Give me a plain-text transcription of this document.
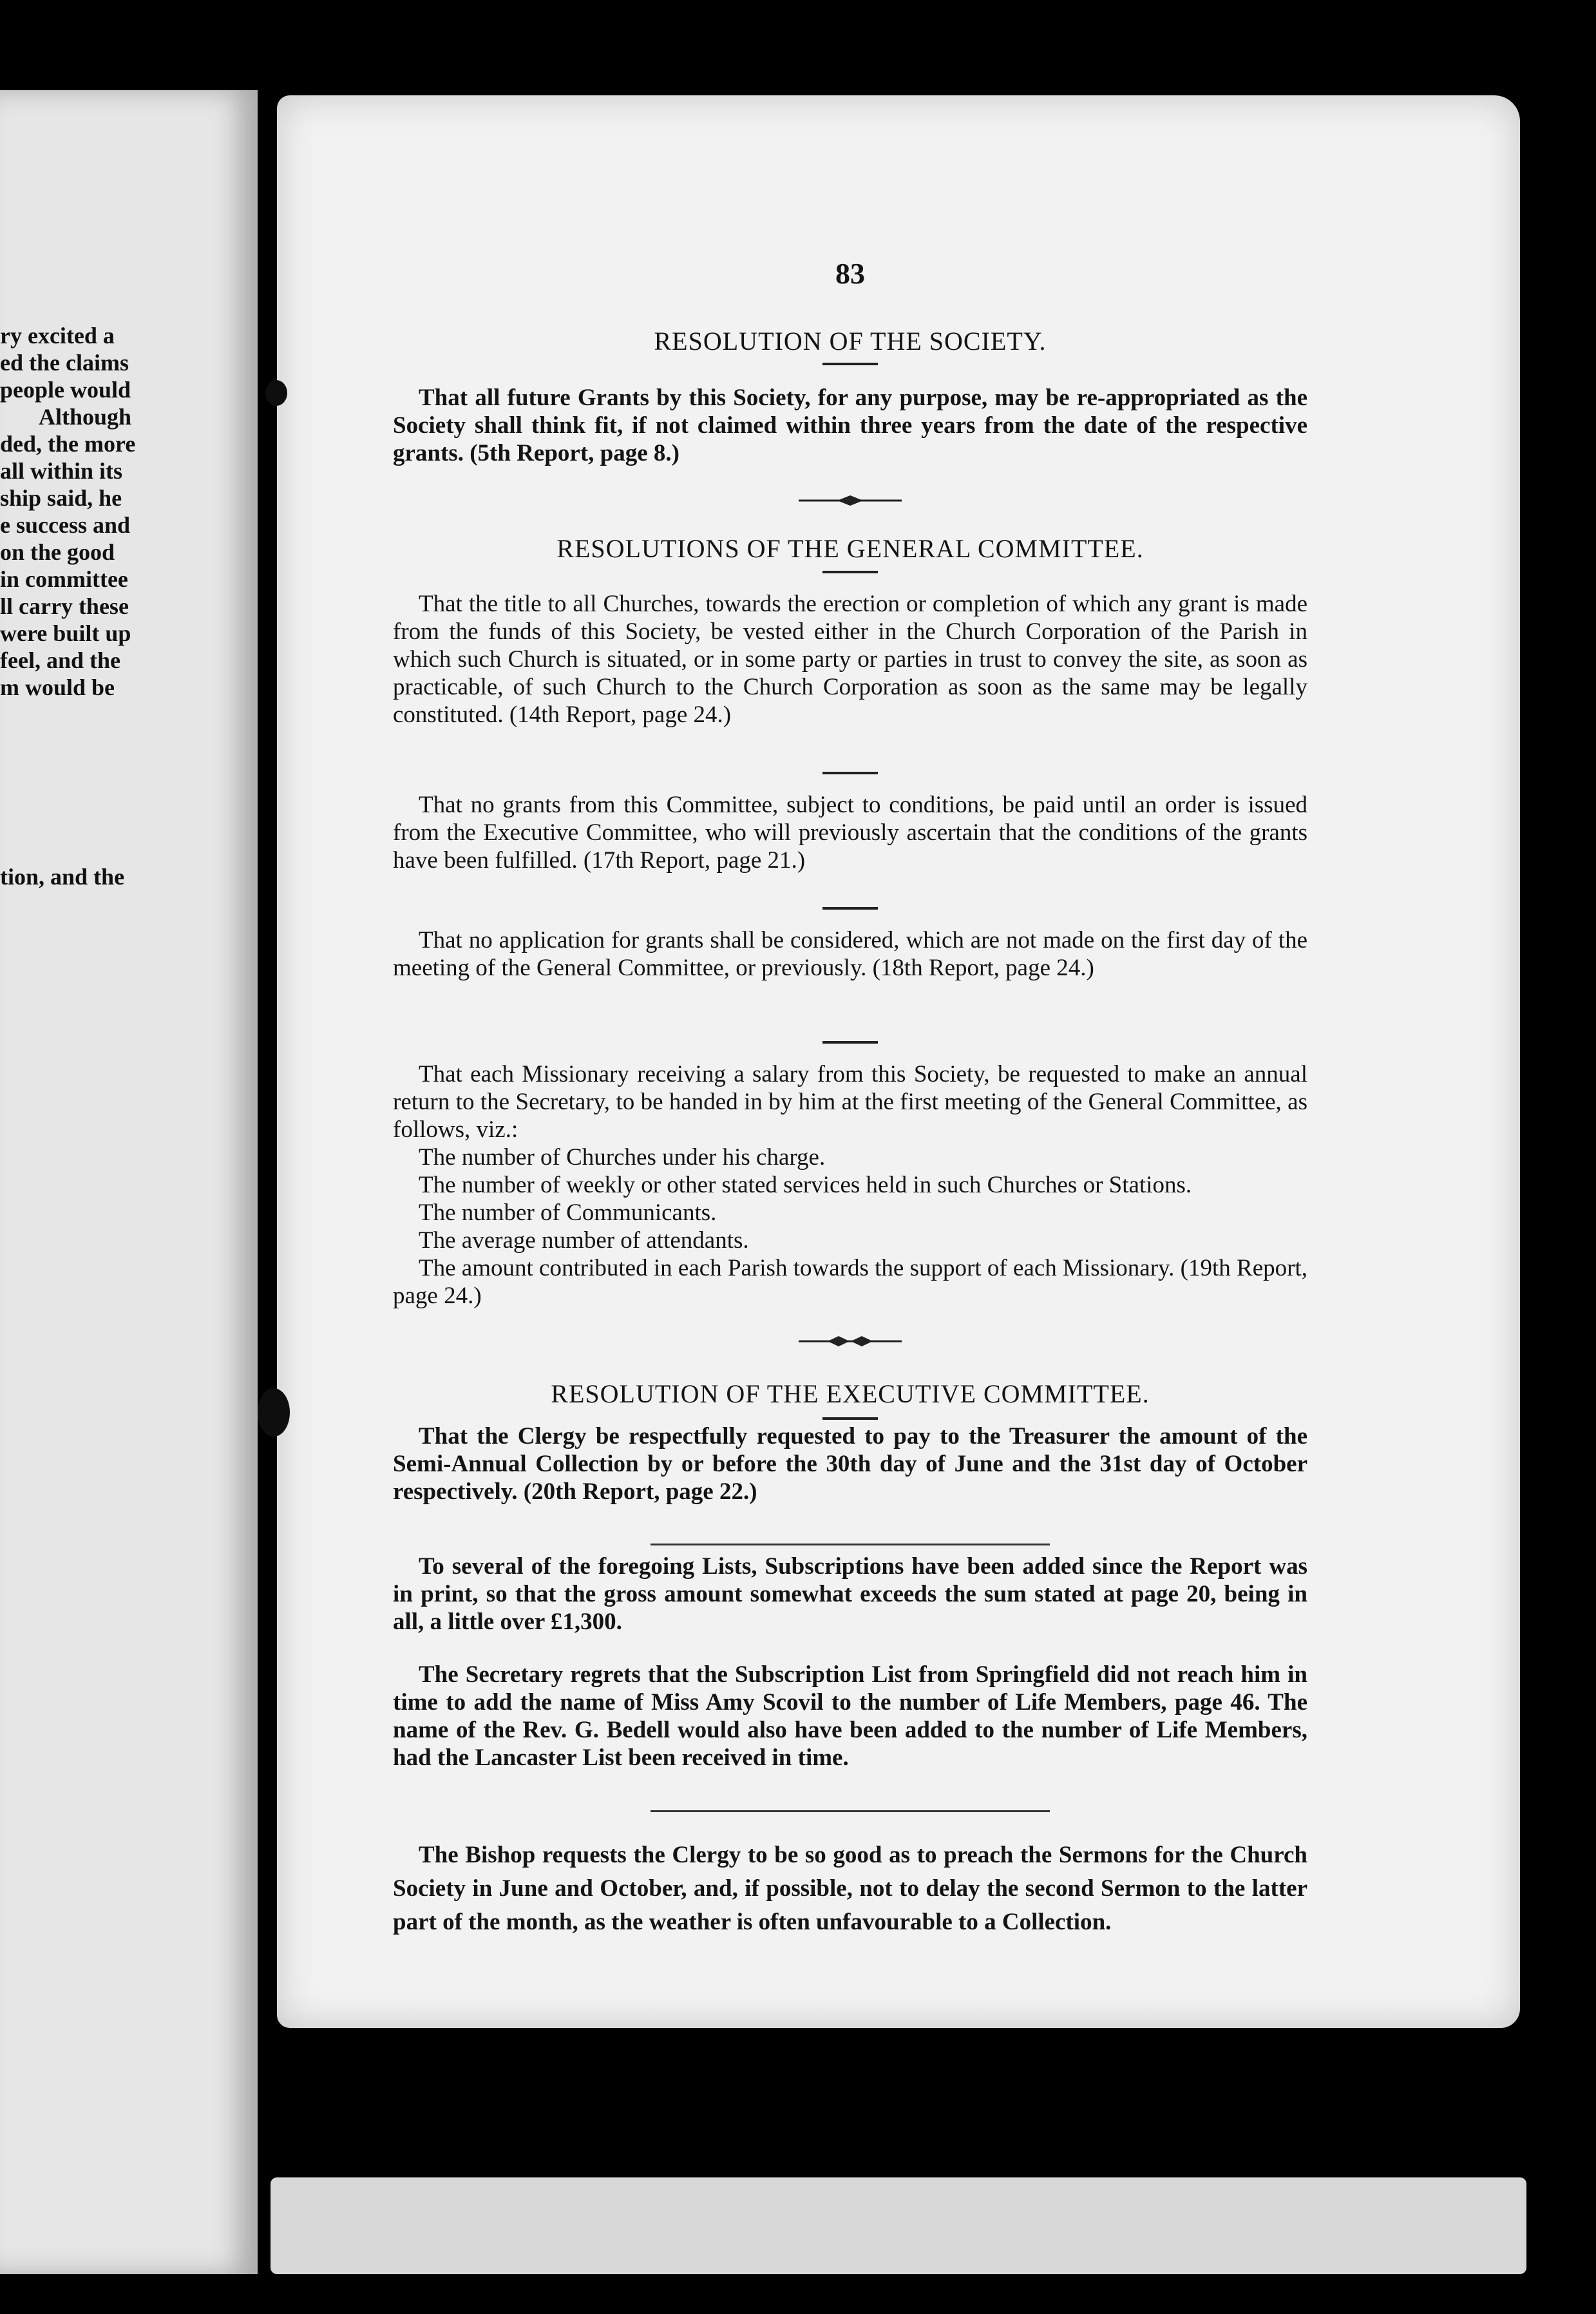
ry excited a
ed the claims
people would
Although
ded, the more
all within its
ship said, he
e success and
on the good
in committee
ll carry these
were built up
feel, and the
m would be
tion, and the
83
RESOLUTION OF THE SOCIETY.
That all future Grants by this Society, for any purpose, may be re-appropriated as the Society shall think fit, if not claimed within three years from the date of the respective grants. (5th Report, page 8.)
RESOLUTIONS OF THE GENERAL COMMITTEE.
That the title to all Churches, towards the erection or completion of which any grant is made from the funds of this Society, be vested either in the Church Corporation of the Parish in which such Church is situated, or in some party or parties in trust to convey the site, as soon as practicable, of such Church to the Church Corporation as soon as the same may be legally constituted. (14th Report, page 24.)
That no grants from this Committee, subject to conditions, be paid until an order is issued from the Executive Committee, who will previously ascertain that the conditions of the grants have been fulfilled. (17th Report, page 21.)
That no application for grants shall be considered, which are not made on the first day of the meeting of the General Committee, or previously. (18th Report, page 24.)
That each Missionary receiving a salary from this Society, be requested to make an annual return to the Secretary, to be handed in by him at the first meeting of the General Committee, as follows, viz.:
The number of Churches under his charge.
The number of weekly or other stated services held in such Churches or Stations.
The number of Communicants.
The average number of attendants.
The amount contributed in each Parish towards the support of each Missionary. (19th Report, page 24.)
RESOLUTION OF THE EXECUTIVE COMMITTEE.
That the Clergy be respectfully requested to pay to the Treasurer the amount of the Semi-Annual Collection by or before the 30th day of June and the 31st day of October respectively. (20th Report, page 22.)
To several of the foregoing Lists, Subscriptions have been added since the Report was in print, so that the gross amount somewhat exceeds the sum stated at page 20, being in all, a little over £1,300.
The Secretary regrets that the Subscription List from Springfield did not reach him in time to add the name of Miss Amy Scovil to the number of Life Members, page 46. The name of the Rev. G. Bedell would also have been added to the number of Life Members, had the Lancaster List been received in time.
The Bishop requests the Clergy to be so good as to preach the Sermons for the Church Society in June and October, and, if possible, not to delay the second Sermon to the latter part of the month, as the weather is often unfavourable to a Collection.
